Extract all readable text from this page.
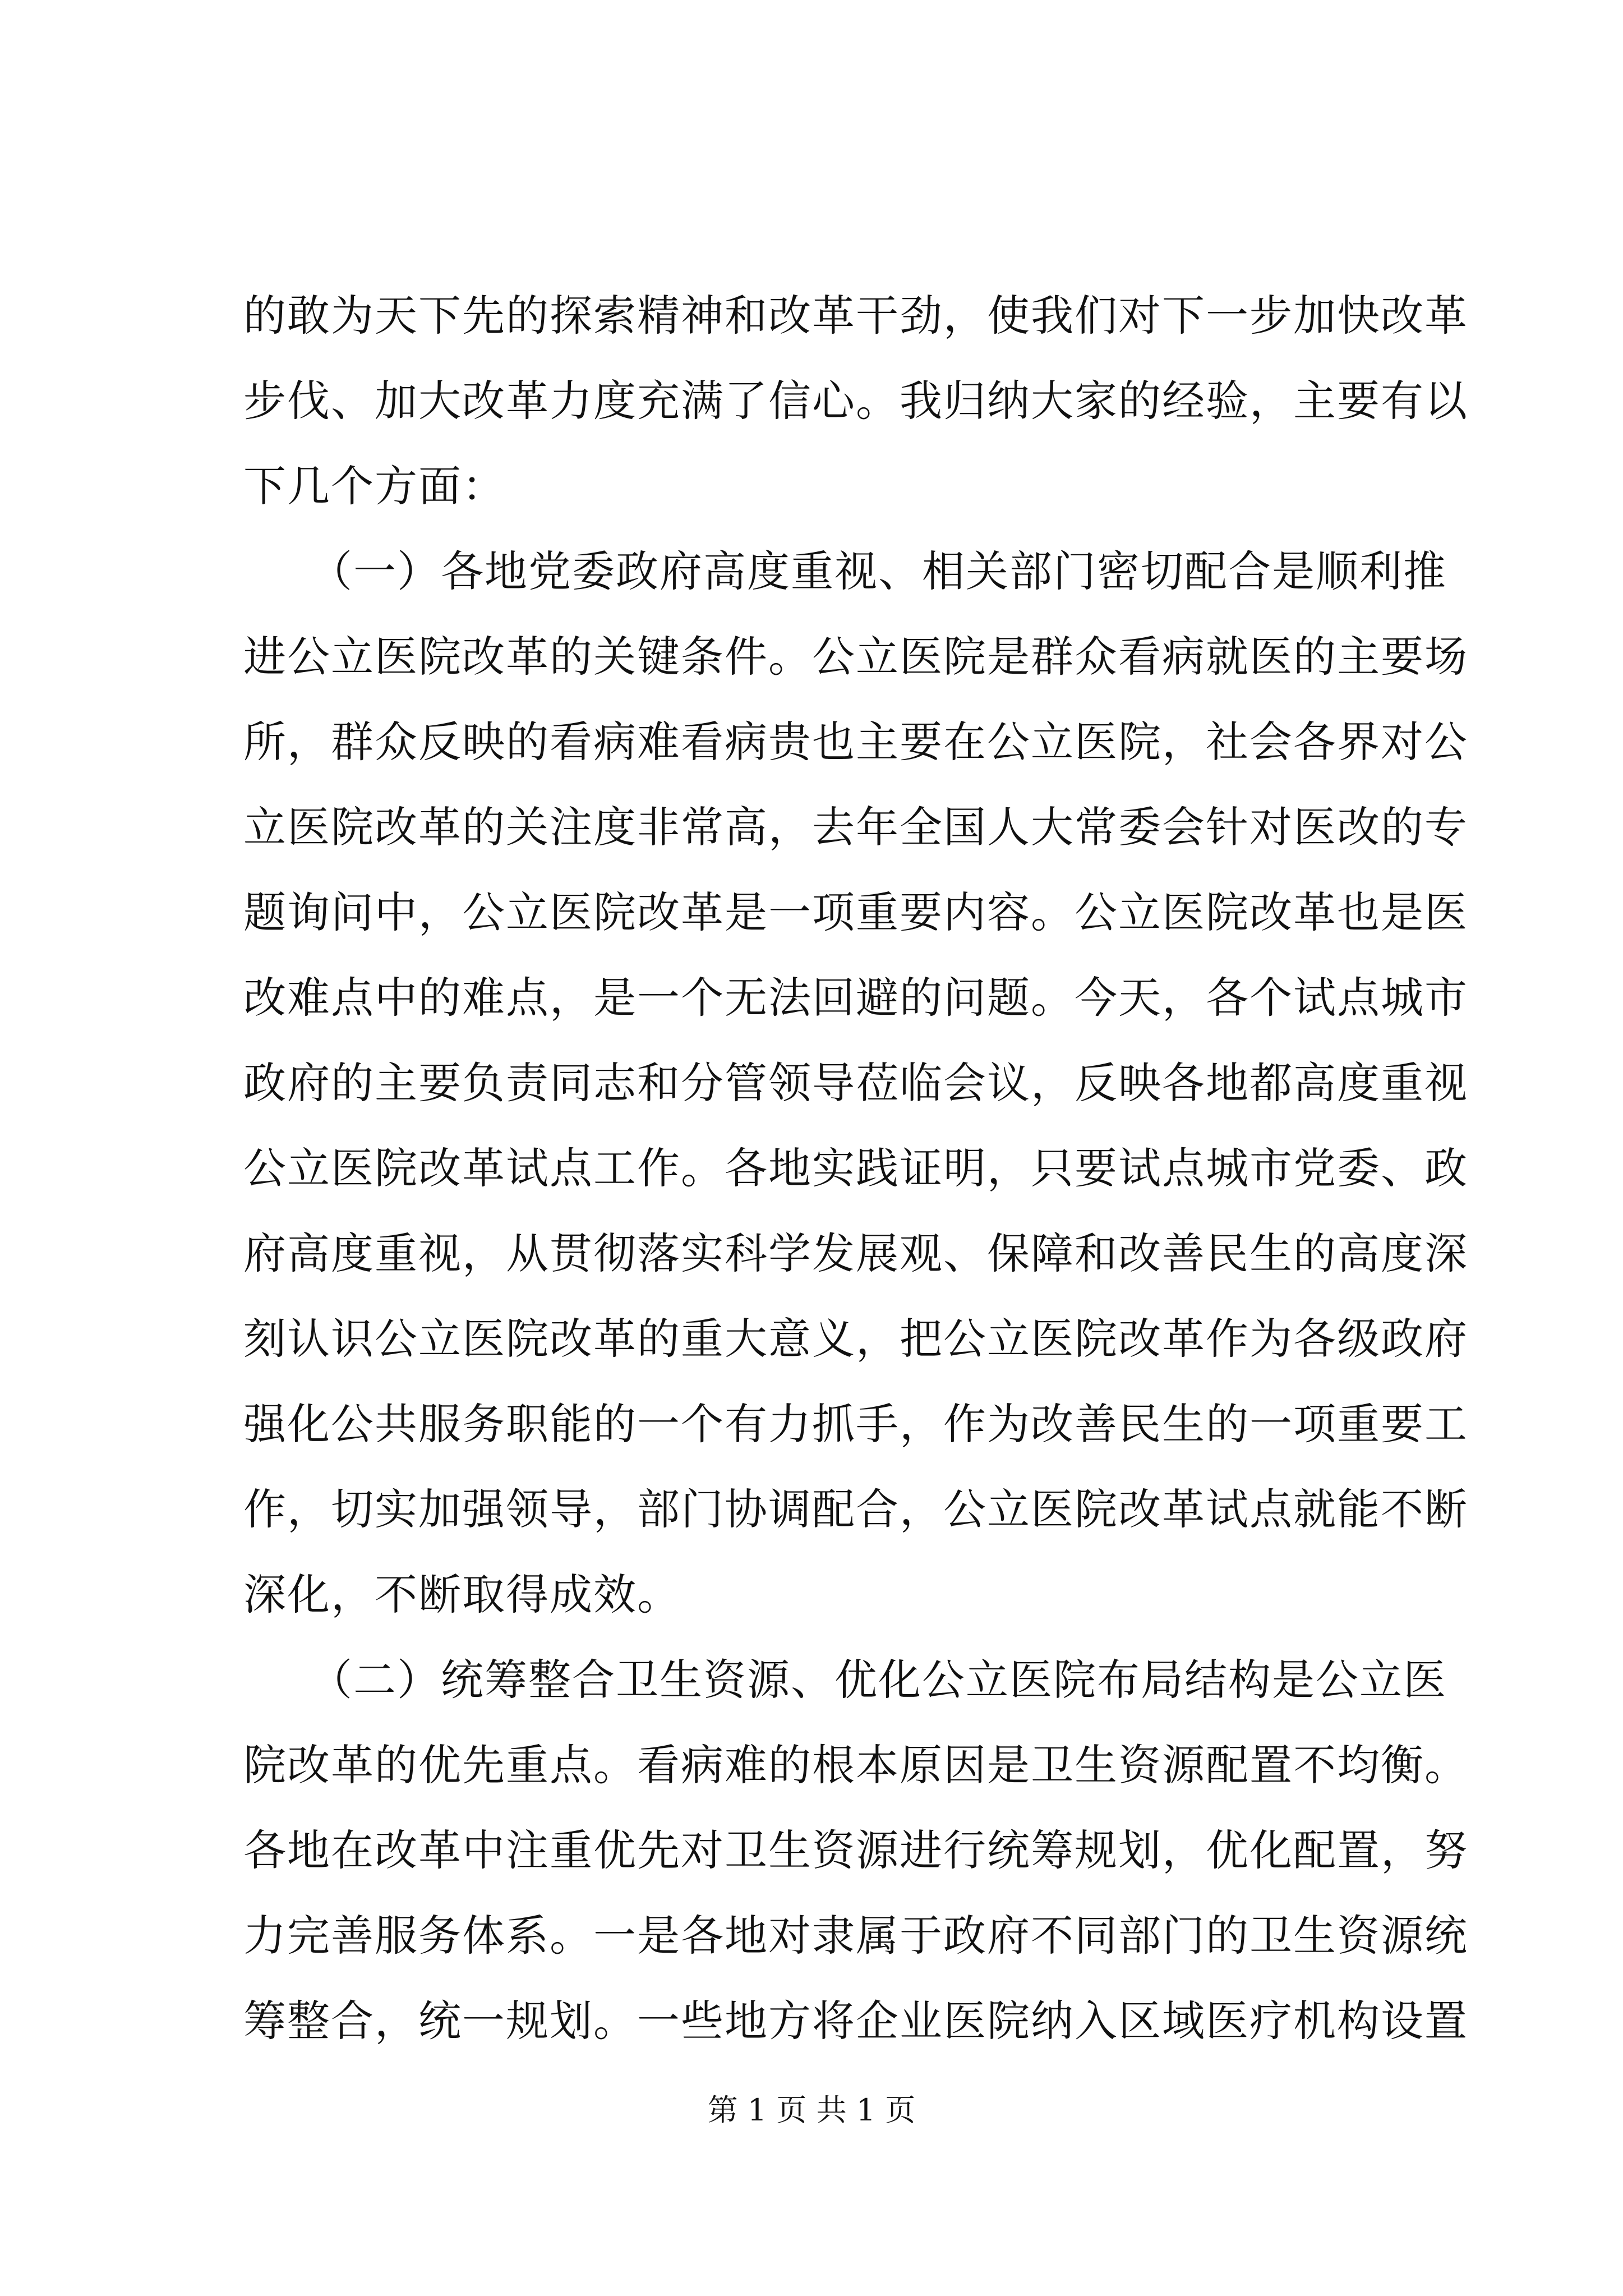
的敢为天下先的探索精神和改革干劲，使我们对下一步加快改革
步伐、加大改革力度充满了信心。我归纳大家的经验，主要有以
下几个方面：
　　（一）各地党委政府高度重视、相关部门密切配合是顺利推
进公立医院改革的关键条件。公立医院是群众看病就医的主要场
所，群众反映的看病难看病贵也主要在公立医院，社会各界对公
立医院改革的关注度非常高，去年全国人大常委会针对医改的专
题询问中，公立医院改革是一项重要内容。公立医院改革也是医
改难点中的难点，是一个无法回避的问题。今天，各个试点城市
政府的主要负责同志和分管领导莅临会议，反映各地都高度重视
公立医院改革试点工作。各地实践证明，只要试点城市党委、政
府高度重视，从贯彻落实科学发展观、保障和改善民生的高度深
刻认识公立医院改革的重大意义，把公立医院改革作为各级政府
强化公共服务职能的一个有力抓手，作为改善民生的一项重要工
作，切实加强领导，部门协调配合，公立医院改革试点就能不断
深化，不断取得成效。
　　（二）统筹整合卫生资源、优化公立医院布局结构是公立医
院改革的优先重点。看病难的根本原因是卫生资源配置不均衡。
各地在改革中注重优先对卫生资源进行统筹规划，优化配置，努
力完善服务体系。一是各地对隶属于政府不同部门的卫生资源统
筹整合，统一规划。一些地方将企业医院纳入区域医疗机构设置
第 1 页 共 1 页
